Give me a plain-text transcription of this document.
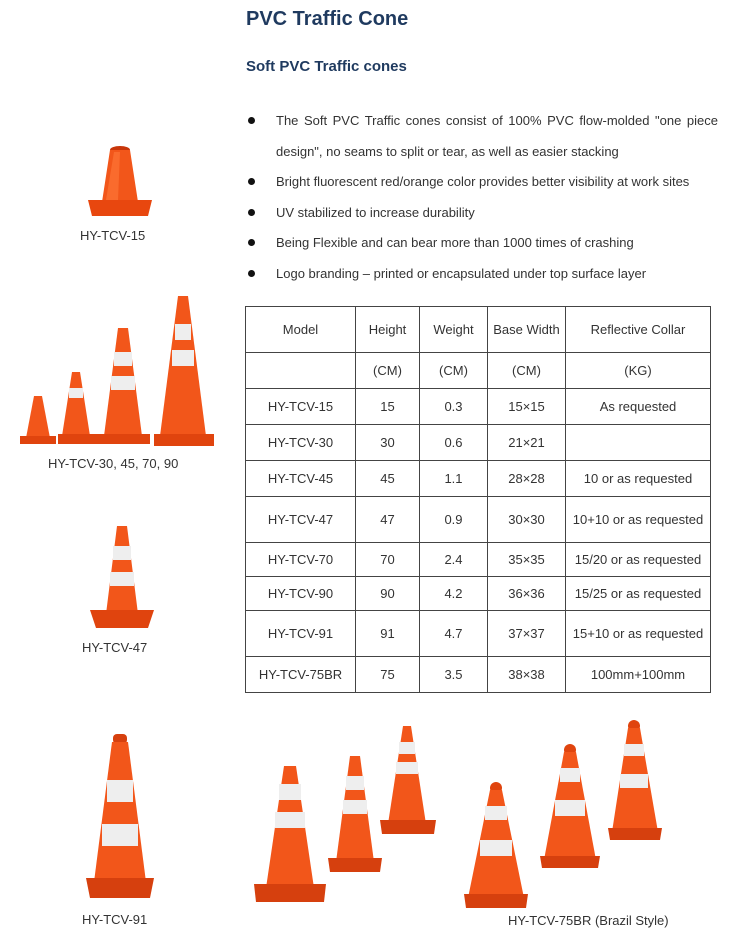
PVC Traffic Cone
Soft PVC Traffic cones
The Soft PVC Traffic cones consist of 100% PVC flow-molded "one piece design", no seams to split or tear, as well as easier stacking
Bright fluorescent red/orange color provides better visibility at work sites
UV stabilized to increase durability
Being Flexible and can bear more than 1000 times of crashing
Logo branding – printed or encapsulated under top surface layer
HY-TCV-15
HY-TCV-30, 45, 70, 90
HY-TCV-47
HY-TCV-91	HY-TCV-75BR (Brazil Style)
Model	Height	Weight	Base Width	Reflective Collar
	(CM)	(CM)	(CM)	(KG)
HY-TCV-15	15	0.3	15×15	As requested
HY-TCV-30	30	0.6	21×21	
HY-TCV-45	45	1.1	28×28	10 or as requested
HY-TCV-47	47	0.9	30×30	10+10 or as requested
HY-TCV-70	70	2.4	35×35	15/20 or as requested
HY-TCV-90	90	4.2	36×36	15/25 or as requested
HY-TCV-91	91	4.7	37×37	15+10 or as requested
HY-TCV-75BR	75	3.5	38×38	100mm+100mm
